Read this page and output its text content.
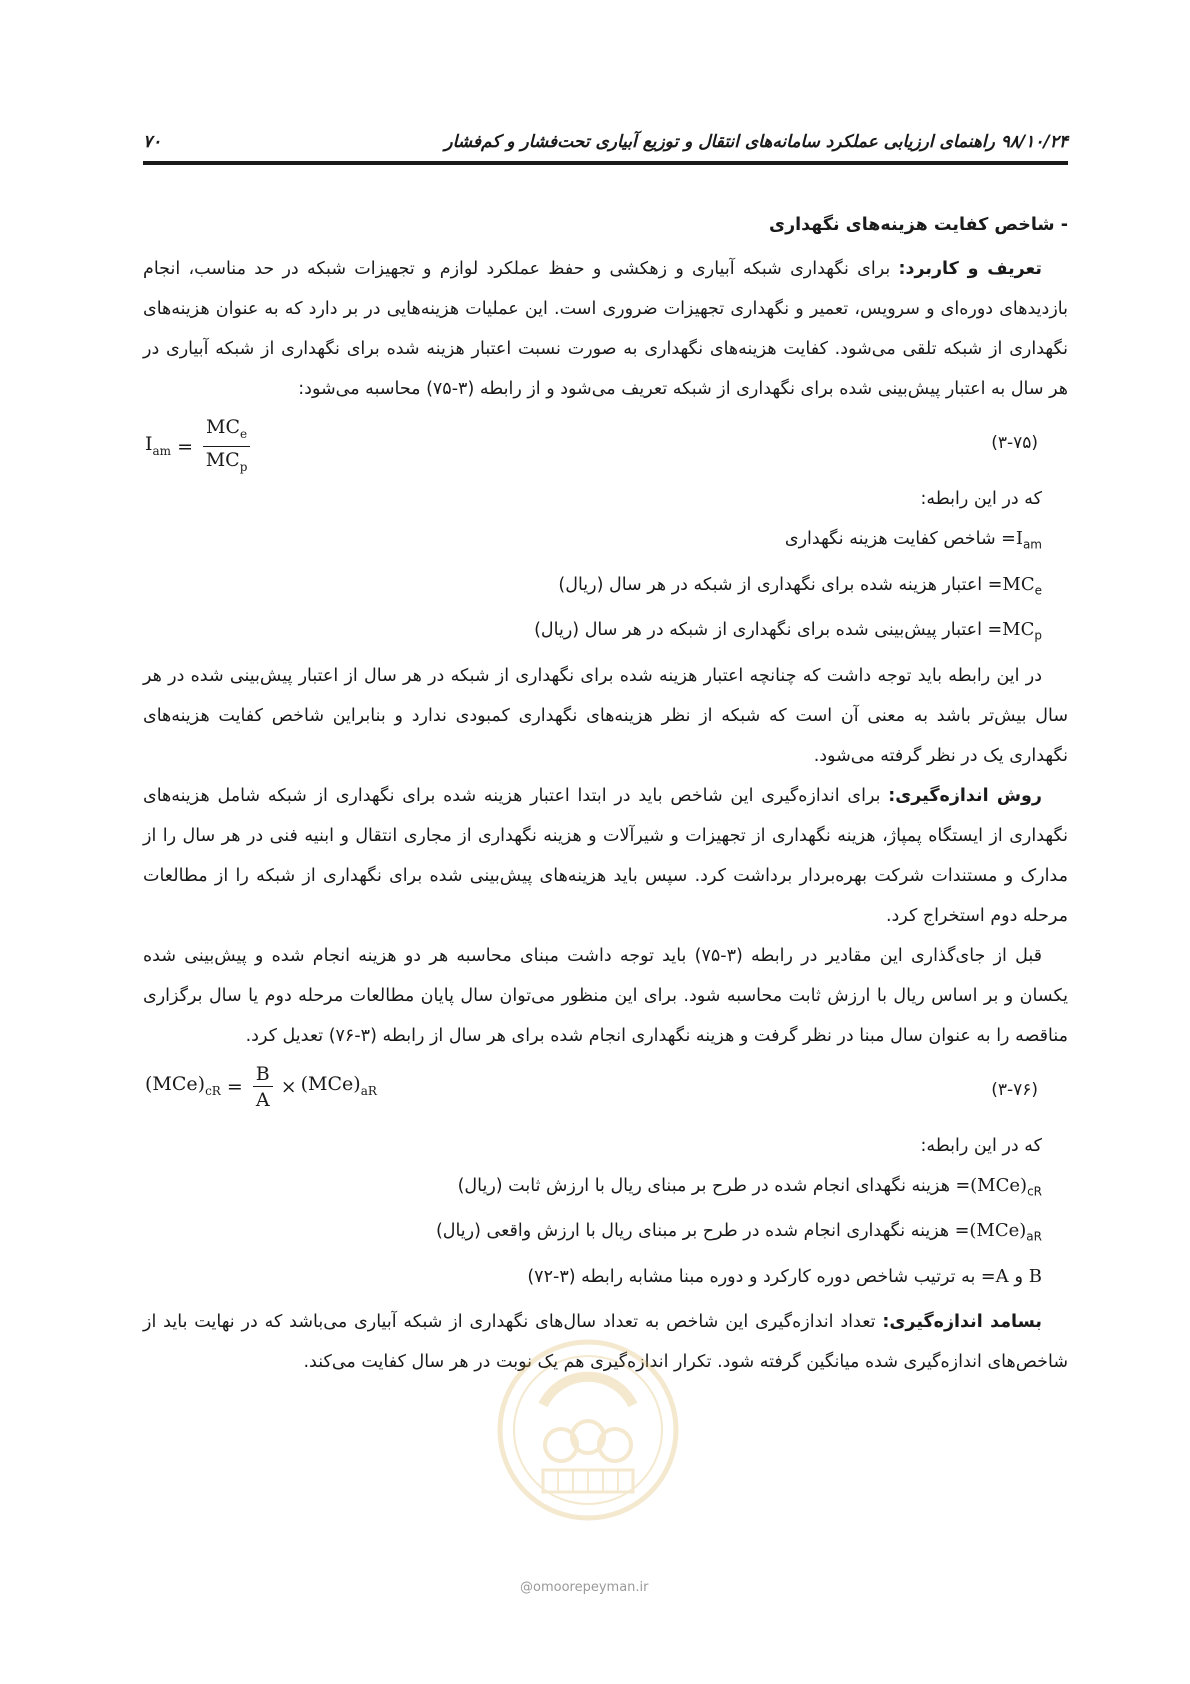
۷۰	۹۸/۱۰/۲۴ راهنمای ارزیابی عملکرد سامانه‌های انتقال و توزیع آبیاری تحت‌فشار و کم‌فشار

- شاخص کفایت هزینه‌های نگهداری

تعریف و کاربرد: برای نگهداری شبکه آبیاری و زهکشی و حفظ عملکرد لوازم و تجهیزات شبکه در حد مناسب، انجام بازدیدهای دوره‌ای و سرویس، تعمیر و نگهداری تجهیزات ضروری است. این عملیات هزینه‌هایی در بر دارد که به عنوان هزینه‌های نگهداری از شبکه تلقی می‌شود. کفایت هزینه‌های نگهداری به صورت نسبت اعتبار هزینه شده برای نگهداری از شبکه آبیاری در هر سال به اعتبار پیش‌بینی شده برای نگهداری از شبکه تعریف می‌شود و از رابطه (۳-۷۵) محاسبه می‌شود:

$I_{am} = \frac{MC_e}{MC_p}$	(۳-۷۵)

که در این رابطه:

$I_{am}=$ شاخص کفایت هزینه نگهداری
$MC_e=$ اعتبار هزینه شده برای نگهداری از شبکه در هر سال (ریال)
$MC_p=$ اعتبار پیش‌بینی شده برای نگهداری از شبکه در هر سال (ریال)

در این رابطه باید توجه داشت که چنانچه اعتبار هزینه شده برای نگهداری از شبکه در هر سال از اعتبار پیش‌بینی شده در هر سال بیش‌تر باشد به معنی آن است که شبکه از نظر هزینه‌های نگهداری کمبودی ندارد و بنابراین شاخص کفایت هزینه‌های نگهداری یک در نظر گرفته می‌شود.

روش اندازه‌گیری: برای اندازه‌گیری این شاخص باید در ابتدا اعتبار هزینه شده برای نگهداری از شبکه شامل هزینه‌های نگهداری از ایستگاه پمپاژ، هزینه نگهداری از تجهیزات و شیرآلات و هزینه نگهداری از مجاری انتقال و ابنیه فنی در هر سال را از مدارک و مستندات شرکت بهره‌بردار برداشت کرد. سپس باید هزینه‌های پیش‌بینی شده برای نگهداری از شبکه را از مطالعات مرحله دوم استخراج کرد.

قبل از جای‌گذاری این مقادیر در رابطه (۳-۷۵) باید توجه داشت مبنای محاسبه هر دو هزینه انجام شده و پیش‌بینی شده یکسان و بر اساس ریال با ارزش ثابت محاسبه شود. برای این منظور می‌توان سال پایان مطالعات مرحله دوم یا سال برگزاری مناقصه را به عنوان سال مبنا در نظر گرفت و هزینه نگهداری انجام شده برای هر سال از رابطه (۳-۷۶) تعدیل کرد.

$(MCe)_{cR} = \frac{B}{A} \times (MCe)_{aR}$	(۳-۷۶)

که در این رابطه:

$(MCe)_{cR}=$ هزینه نگهدای انجام شده در طرح بر مبنای ریال با ارزش ثابت (ریال)
$(MCe)_{aR}=$ هزینه نگهداری انجام شده در طرح بر مبنای ریال با ارزش واقعی (ریال)
A و B= به ترتیب شاخص دوره کارکرد و دوره مبنا مشابه رابطه (۳-۷۲)

بسامد اندازه‌گیری: تعداد اندازه‌گیری این شاخص به تعداد سال‌های نگهداری از شبکه آبیاری می‌باشد که در نهایت باید از شاخص‌های اندازه‌گیری شده میانگین گرفته شود. تکرار اندازه‌گیری هم یک نوبت در هر سال کفایت می‌کند.

@omoorepeyman.ir
